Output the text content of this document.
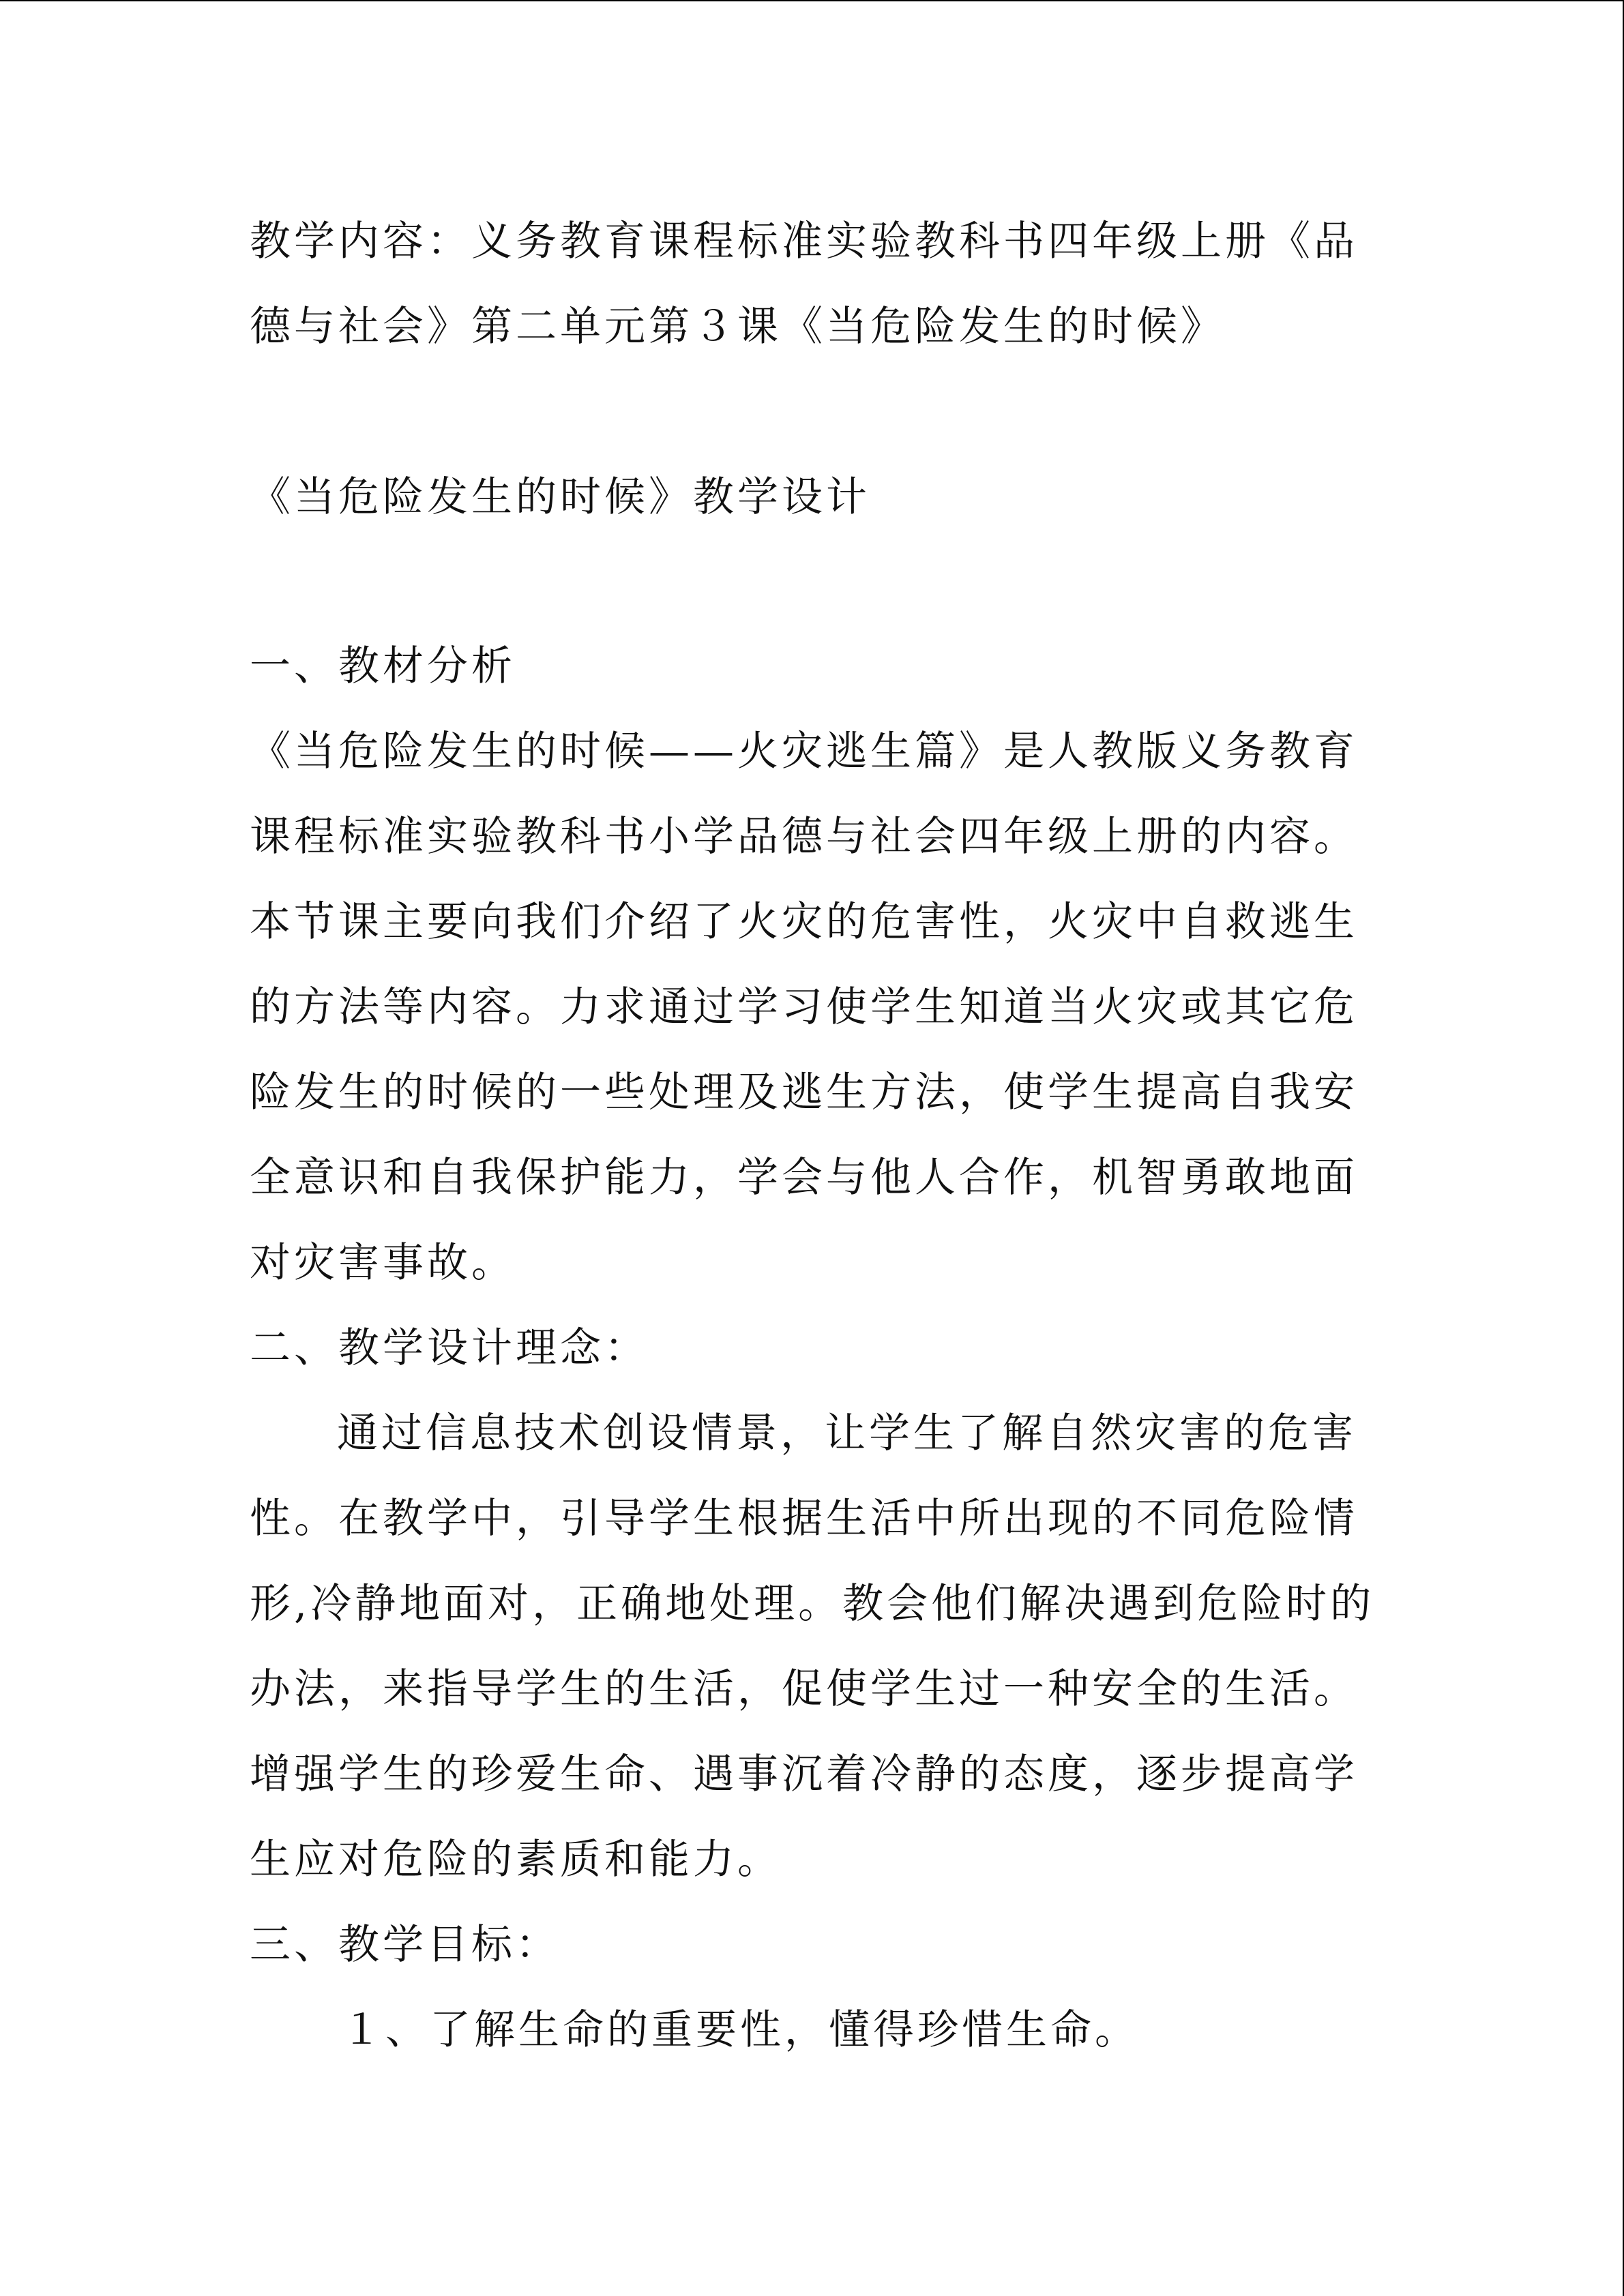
教学内容：义务教育课程标准实验教科书四年级上册《品

德与社会》第二单元第３课《当危险发生的时候》

《当危险发生的时候》教学设计

一、教材分析

《当危险发生的时候——火灾逃生篇》是人教版义务教育

课程标准实验教科书小学品德与社会四年级上册的内容。

本节课主要向我们介绍了火灾的危害性，火灾中自救逃生

的方法等内容。力求通过学习使学生知道当火灾或其它危

险发生的时候的一些处理及逃生方法，使学生提高自我安

全意识和自我保护能力，学会与他人合作，机智勇敢地面

对灾害事故。

二、教学设计理念：

通过信息技术创设情景，让学生了解自然灾害的危害

性。在教学中，引导学生根据生活中所出现的不同危险情

形,冷静地面对，正确地处理。教会他们解决遇到危险时的

办法，来指导学生的生活，促使学生过一种安全的生活。

增强学生的珍爱生命、遇事沉着冷静的态度，逐步提高学

生应对危险的素质和能力。

三、教学目标：

１、了解生命的重要性，懂得珍惜生命。
